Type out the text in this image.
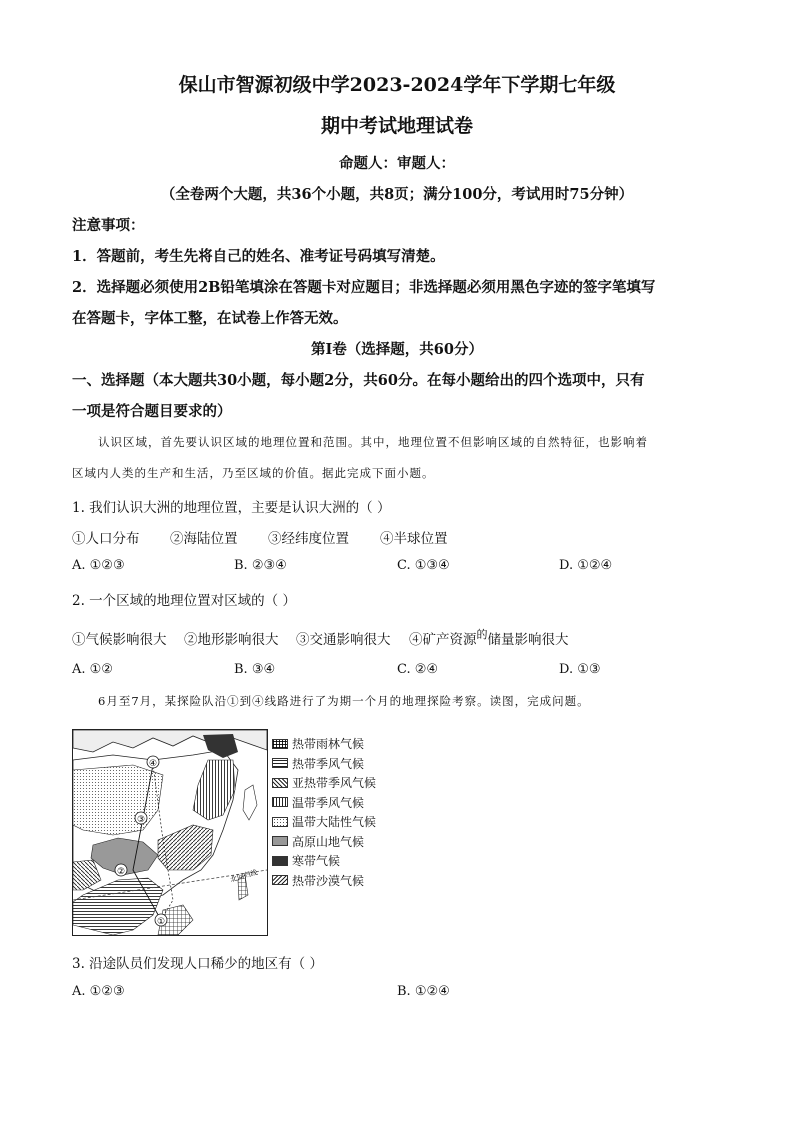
保山市智源初级中学2023-2024学年下学期七年级
期中考试地理试卷
命题人：审题人：
（全卷两个大题，共36个小题，共8页；满分100分，考试用时75分钟）
注意事项：
1．答题前，考生先将自己的姓名、准考证号码填写清楚。
2．选择题必须使用2B铅笔填涂在答题卡对应题目；非选择题必须用黑色字迹的签字笔填写
在答题卡，字体工整，在试卷上作答无效。
第Ⅰ卷（选择题，共60分）
一、选择题（本大题共30小题，每小题2分，共60分。在每小题给出的四个选项中，只有
一项是符合题目要求的）
认识区域，首先要认识区域的地理位置和范围。其中，地理位置不但影响区域的自然特征，也影响着
区域内人类的生产和生活，乃至区域的价值。据此完成下面小题。
1. 我们认识大洲的地理位置，主要是认识大洲的（ ）
①人口分布 ②海陆位置 ③经纬度位置 ④半球位置
A. ①②③	B. ②③④	C. ①③④	D. ①②④
2. 一个区域的地理位置对区域的（ ）
①气候影响很大 ②地形影响很大 ③交通影响很大 ④矿产资源$^的$储量影响很大
A. ①②	B. ③④	C. ②④	D. ①③
6月至7月，某探险队沿①到④线路进行了为期一个月的地理探险考察。读图，完成问题。
①
②
③
④
北回归线
热带雨林气候
热带季风气候
亚热带季风气候
温带季风气候
温带大陆性气候
高原山地气候
寒带气候
热带沙漠气候
3. 沿途队员们发现人口稀少的地区有（ ）
A. ①②③	B. ①②④
